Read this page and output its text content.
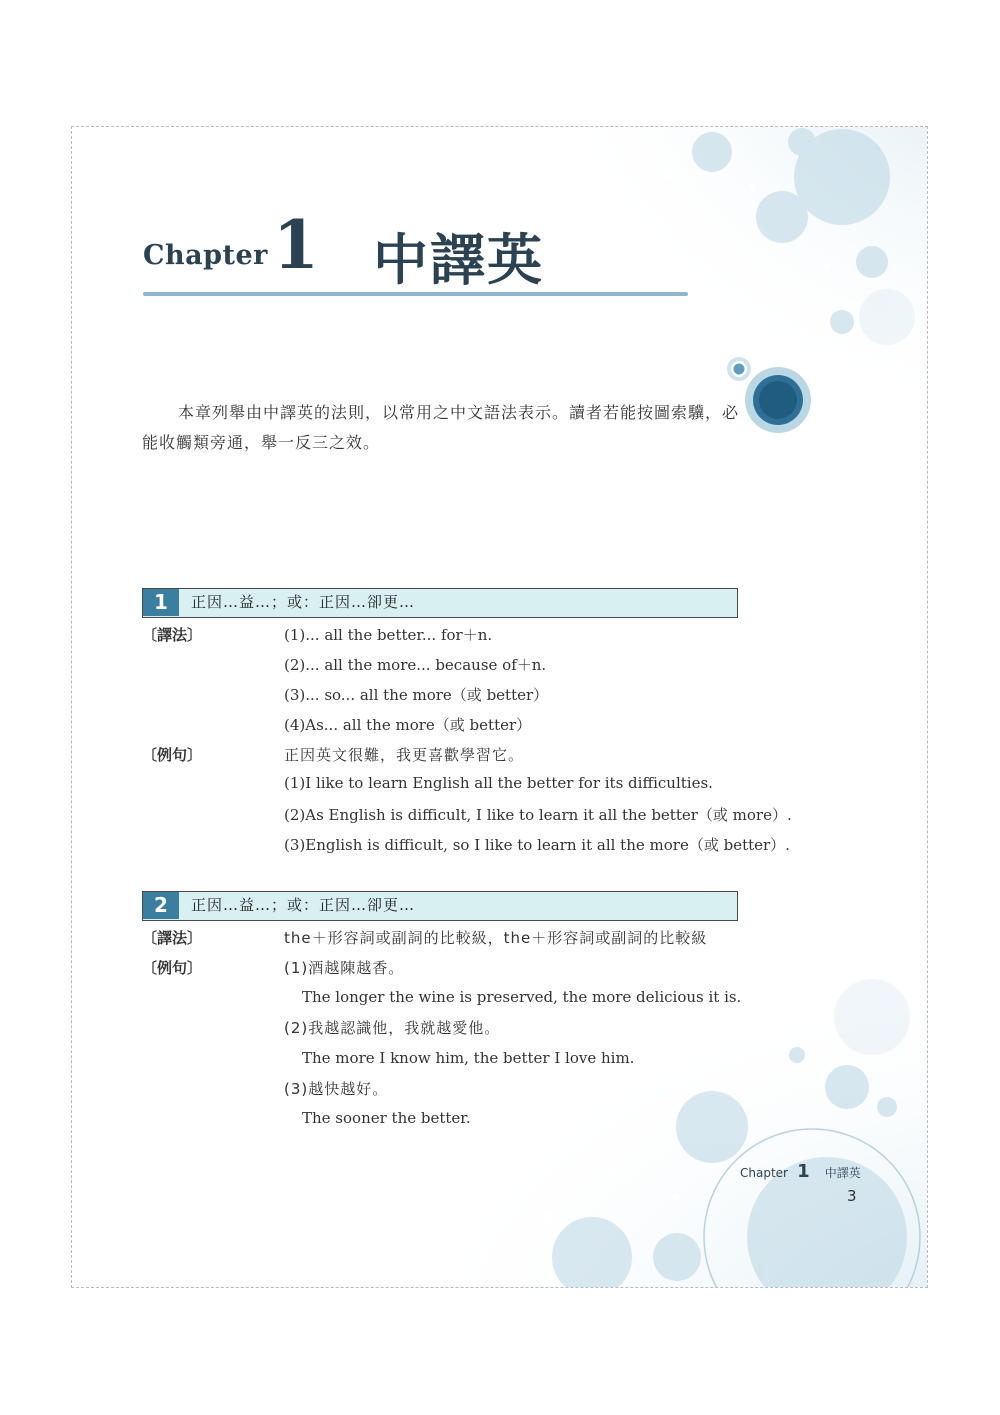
Chapter 1 中譯英
本章列舉由中譯英的法則，以常用之中文語法表示。讀者若能按圖索驥，必能收觸類旁通，舉一反三之效。
1	正因…益…；或：正因…卻更…
〔譯法〕	(1)... all the better... for＋n.
(2)... all the more... because of＋n.
(3)... so... all the more（或 better）
(4)As... all the more（或 better）
〔例句〕	正因英文很難，我更喜歡學習它。
(1)I like to learn English all the better for its difficulties.
(2)As English is difficult, I like to learn it all the better（或 more）.
(3)English is difficult, so I like to learn it all the more（或 better）.
2	正因…益…；或：正因…卻更…
〔譯法〕	the＋形容詞或副詞的比較級，the＋形容詞或副詞的比較級
〔例句〕	(1)酒越陳越香。
The longer the wine is preserved, the more delicious it is.
(2)我越認識他，我就越愛他。
The more I know him, the better I love him.
(3)越快越好。
The sooner the better.
Chapter 1 中譯英
3
